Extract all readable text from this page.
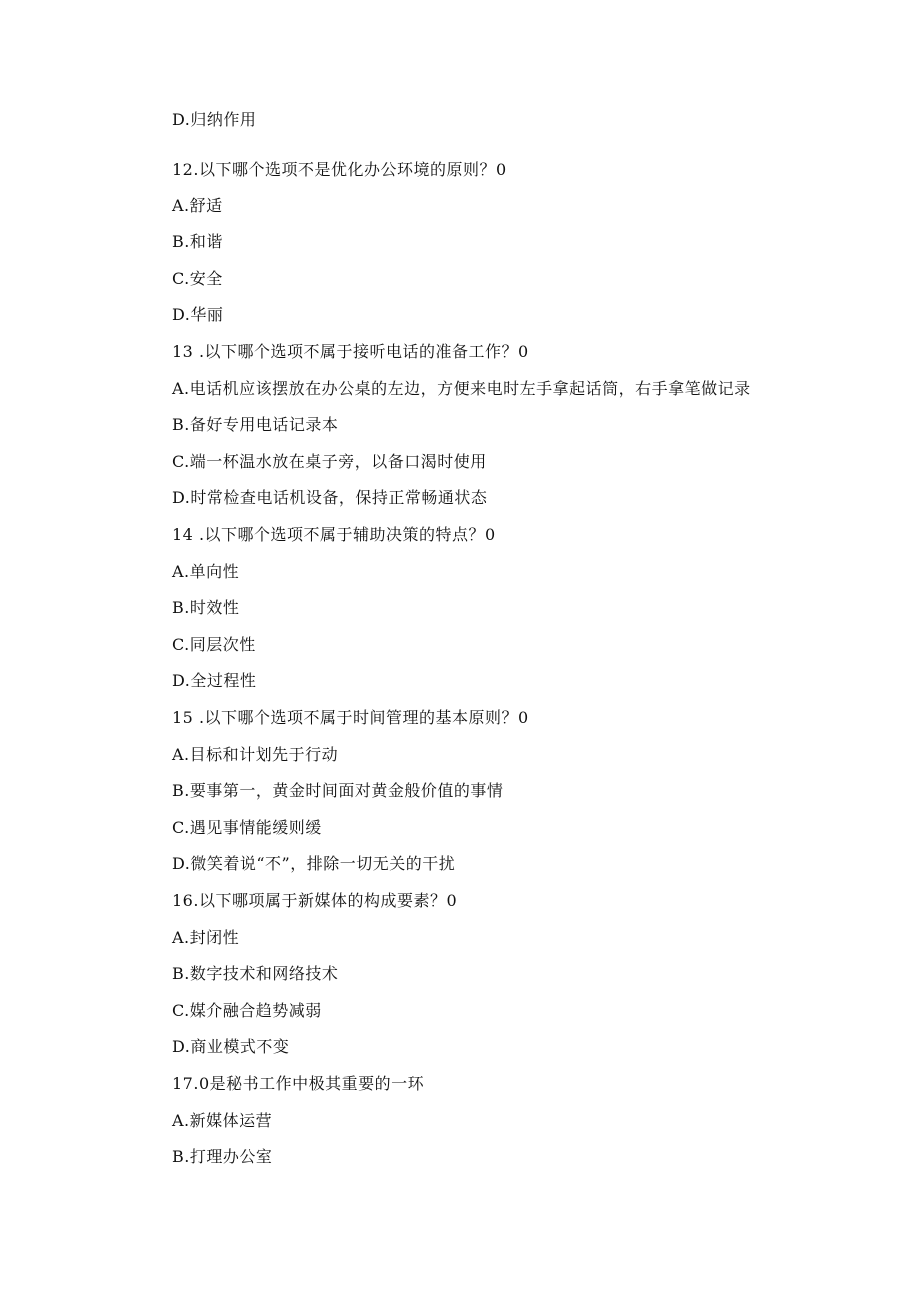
D.归纳作用
12.以下哪个选项不是优化办公环境的原则？0
A.舒适
B.和谐
C.安全
D.华丽
13 .以下哪个选项不属于接听电话的准备工作？0
A.电话机应该摆放在办公桌的左边，方便来电时左手拿起话筒，右手拿笔做记录
B.备好专用电话记录本
C.端一杯温水放在桌子旁，以备口渴时使用
D.时常检查电话机设备，保持正常畅通状态
14 .以下哪个选项不属于辅助决策的特点？0
A.单向性
B.时效性
C.同层次性
D.全过程性
15 .以下哪个选项不属于时间管理的基本原则？0
A.目标和计划先于行动
B.要事第一，黄金时间面对黄金般价值的事情
C.遇见事情能缓则缓
D.微笑着说“不”，排除一切无关的干扰
16.以下哪项属于新媒体的构成要素？0
A.封闭性
B.数字技术和网络技术
C.媒介融合趋势减弱
D.商业模式不变
17.0是秘书工作中极其重要的一环
A.新媒体运营
B.打理办公室
